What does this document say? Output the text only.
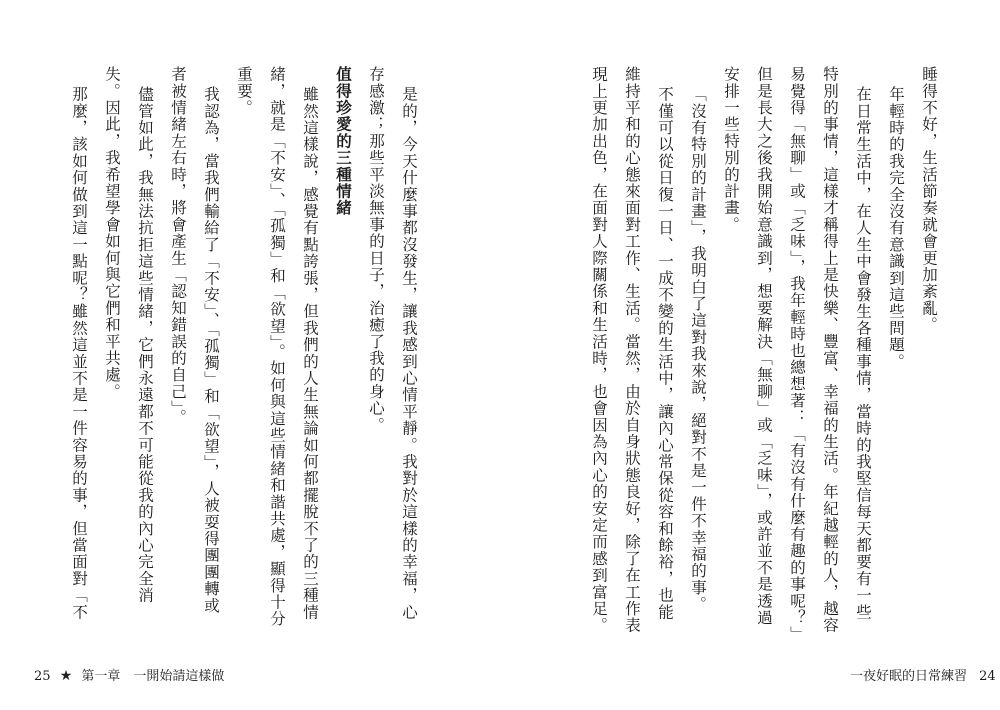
睡得不好，生活節奏就會更加紊亂。
年輕時的我完全沒有意識到這些問題。
在日常生活中，在人生中會發生各種事情，當時的我堅信每天都要有一些
特別的事情，這樣才稱得上是快樂、豐富、幸福的生活。年紀越輕的人，越容
易覺得「無聊」或「乏味」，我年輕時也總想著：「有沒有什麼有趣的事呢？」
但是長大之後我開始意識到，想要解決「無聊」或「乏味」，或許並不是透過
安排一些特別的計畫。
「沒有特別的計畫」，我明白了這對我來說，絕對不是一件不幸福的事。
不僅可以從日復一日、一成不變的生活中，讓內心常保從容和餘裕，也能
維持平和的心態來面對工作、生活。當然，由於自身狀態良好，除了在工作表
現上更加出色，在面對人際關係和生活時，也會因為內心的安定而感到富足。
一夜好眠的日常練習 24
是的，今天什麼事都沒發生，讓我感到心情平靜。我對於這樣的幸福，心
存感激；那些平淡無事的日子，治癒了我的身心。
值得珍愛的三種情緒
雖然這樣說，感覺有點誇張，但我們的人生無論如何都擺脫不了的三種情
緒，就是「不安」、「孤獨」和「欲望」。如何與這些情緒和諧共處，顯得十分
重要。
我認為，當我們輸給了「不安」、「孤獨」和「欲望」，人被耍得團團轉或
者被情緒左右時，將會產生「認知錯誤的自己」。
儘管如此，我無法抗拒這些情緒，它們永遠都不可能從我的內心完全消
失。因此，我希望學會如何與它們和平共處。
那麼，該如何做到這一點呢？雖然這並不是一件容易的事，但當面對「不
25 ★ 第一章　一開始請這樣做
